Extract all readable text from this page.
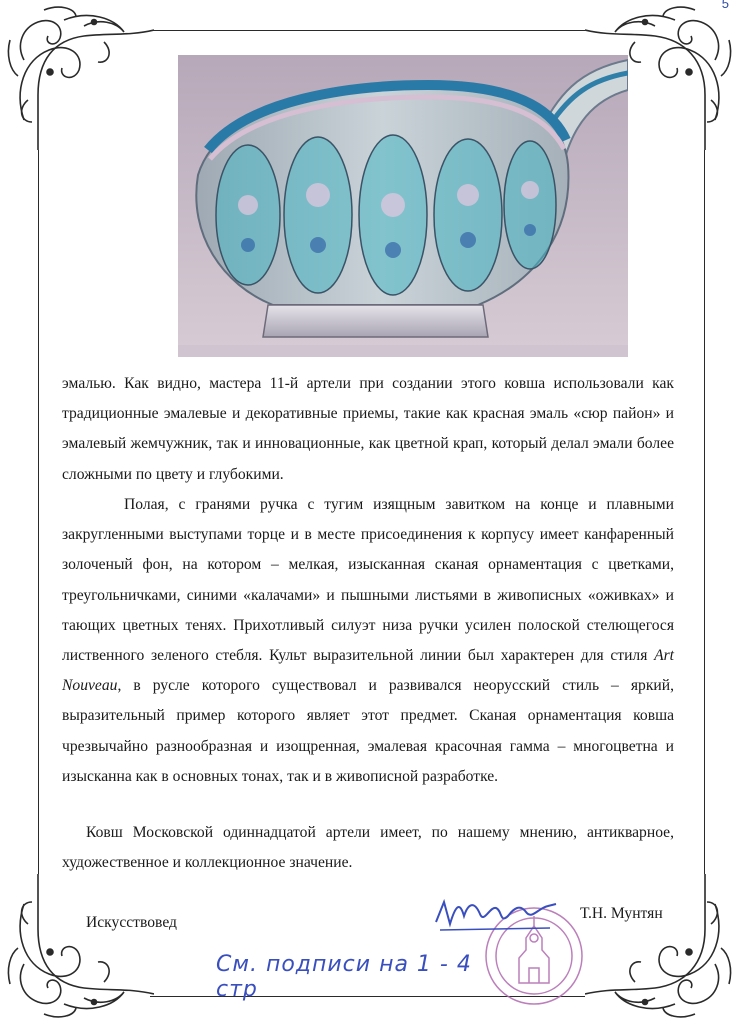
5

эмалью. Как видно, мастера 11-й артели при создании этого ковша использовали как традиционные эмалевые и декоративные приемы, такие как красная эмаль «сюр пайон» и эмалевый жемчужник, так и инновационные, как цветной крап, который делал эмали более сложными по цвету и глубокими.

Полая, с гранями ручка с тугим изящным завитком на конце и плавными закругленными выступами торце и в месте присоединения к корпусу имеет канфаренный золоченый фон, на котором – мелкая, изысканная сканая орнаментация с цветками, треугольничками, синими «калачами» и пышными листьями в живописных «оживках» и тающих цветных тенях. Прихотливый силуэт низа ручки усилен полоской стелющегося лиственного зеленого стебля. Культ выразительной линии был характерен для стиля Art Nouveau, в русле которого существовал и развивался неорусский стиль – яркий, выразительный пример которого являет этот предмет. Сканая орнаментация ковша чрезвычайно разнообразная и изощренная, эмалевая красочная гамма – многоцветна и изысканна как в основных тонах, так и в живописной разработке.

Ковш Московской одиннадцатой артели имеет, по нашему мнению, антикварное, художественное и коллекционное значение.

Искусствовед
Т.Н. Мунтян
См. подписи на 1 - 4 стр
